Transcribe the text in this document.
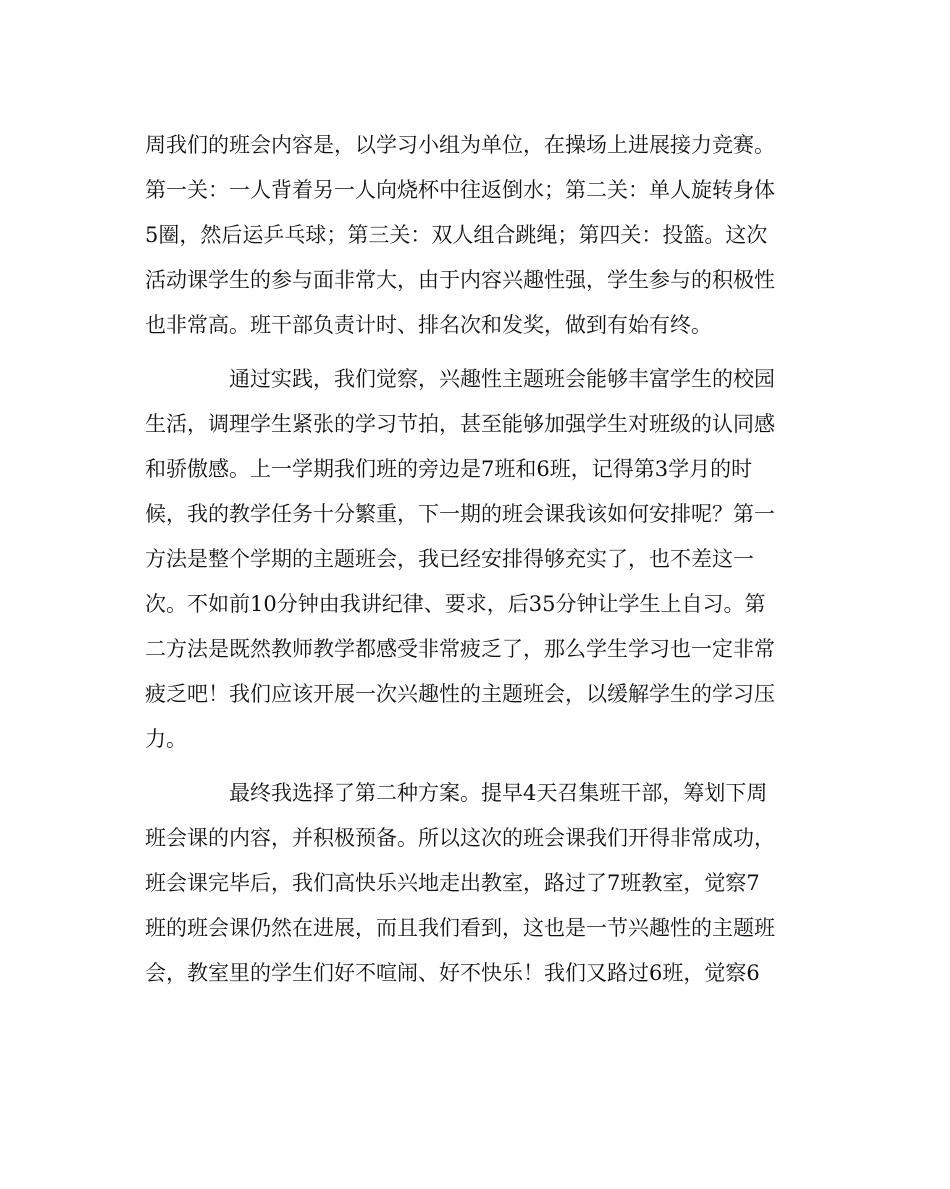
周我们的班会内容是，以学习小组为单位，在操场上进展接力竞赛。
第一关：一人背着另一人向烧杯中往返倒水；第二关：单人旋转身体
5圈，然后运乒乓球；第三关：双人组合跳绳；第四关：投篮。这次
活动课学生的参与面非常大，由于内容兴趣性强，学生参与的积极性
也非常高。班干部负责计时、排名次和发奖，做到有始有终。
通过实践，我们觉察，兴趣性主题班会能够丰富学生的校园
生活，调理学生紧张的学习节拍，甚至能够加强学生对班级的认同感
和骄傲感。上一学期我们班的旁边是7班和6班，记得第3学月的时
候，我的教学任务十分繁重，下一期的班会课我该如何安排呢？第一
方法是整个学期的主题班会，我已经安排得够充实了，也不差这一
次。不如前10分钟由我讲纪律、要求，后35分钟让学生上自习。第
二方法是既然教师教学都感受非常疲乏了，那么学生学习也一定非常
疲乏吧！我们应该开展一次兴趣性的主题班会，以缓解学生的学习压
力。
最终我选择了第二种方案。提早4天召集班干部，筹划下周
班会课的内容，并积极预备。所以这次的班会课我们开得非常成功，
班会课完毕后，我们高快乐兴地走出教室，路过了7班教室，觉察7
班的班会课仍然在进展，而且我们看到，这也是一节兴趣性的主题班
会，教室里的学生们好不喧闹、好不快乐！我们又路过6班，觉察6
